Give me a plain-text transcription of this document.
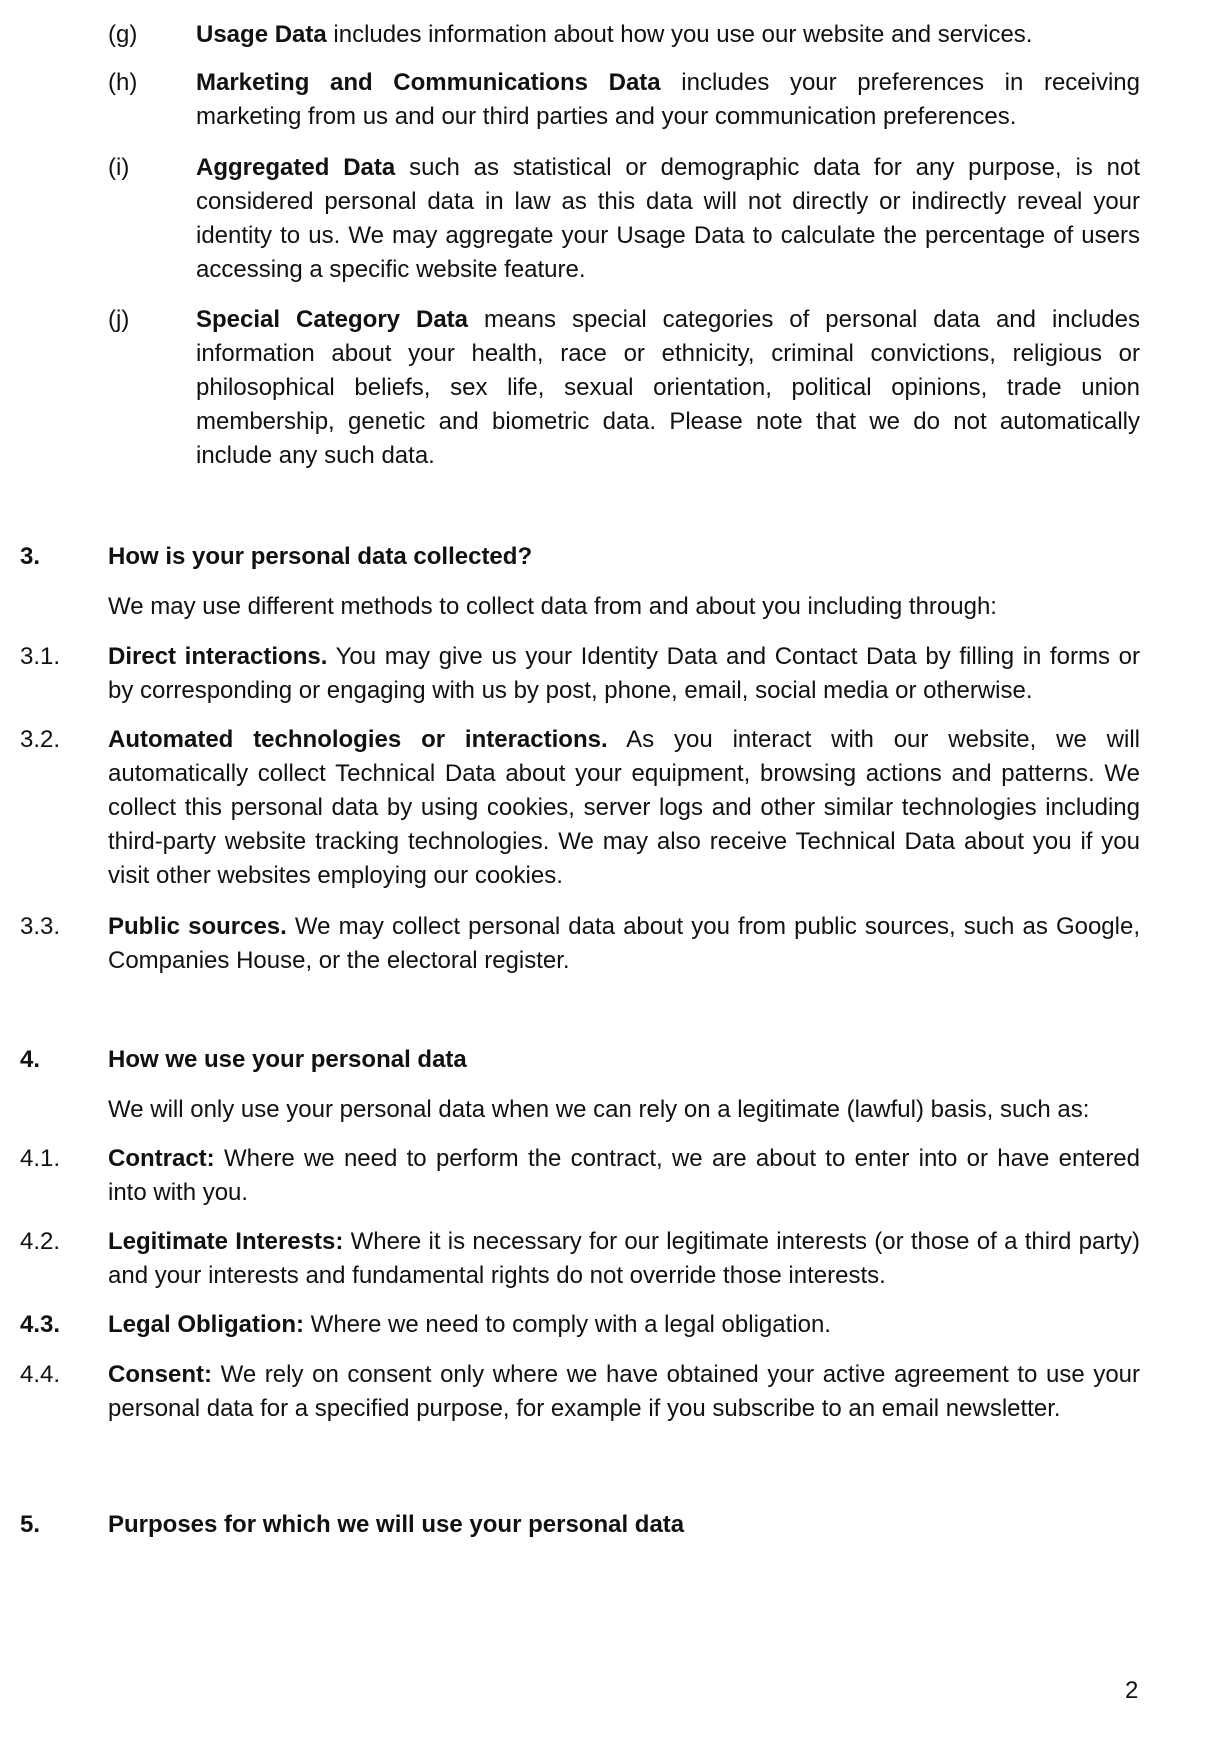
(g) Usage Data includes information about how you use our website and services.
(h) Marketing and Communications Data includes your preferences in receiving marketing from us and our third parties and your communication preferences.
(i)	Aggregated Data such as statistical or demographic data for any purpose, is not considered personal data in law as this data will not directly or indirectly reveal your identity to us. We may aggregate your Usage Data to calculate the percentage of users accessing a specific website feature.
(j)	Special Category Data means special categories of personal data and includes information about your health, race or ethnicity, criminal convictions, religious or philosophical beliefs, sex life, sexual orientation, political opinions, trade union membership, genetic and biometric data. Please note that we do not automatically include any such data.
3.	How is your personal data collected?
We may use different methods to collect data from and about you including through:
3.1. Direct interactions. You may give us your Identity Data and Contact Data by filling in forms or by corresponding or engaging with us by post, phone, email, social media or otherwise.
3.2. Automated technologies or interactions. As you interact with our website, we will automatically collect Technical Data about your equipment, browsing actions and patterns. We collect this personal data by using cookies, server logs and other similar technologies including third-party website tracking technologies. We may also receive Technical Data about you if you visit other websites employing our cookies.
3.3. Public sources. We may collect personal data about you from public sources, such as Google, Companies House, or the electoral register.
4.	How we use your personal data
We will only use your personal data when we can rely on a legitimate (lawful) basis, such as:
4.1. Contract: Where we need to perform the contract, we are about to enter into or have entered into with you.
4.2. Legitimate Interests: Where it is necessary for our legitimate interests (or those of a third party) and your interests and fundamental rights do not override those interests.
4.3. Legal Obligation: Where we need to comply with a legal obligation.
4.4. Consent: We rely on consent only where we have obtained your active agreement to use your personal data for a specified purpose, for example if you subscribe to an email newsletter.
5.	Purposes for which we will use your personal data
2
